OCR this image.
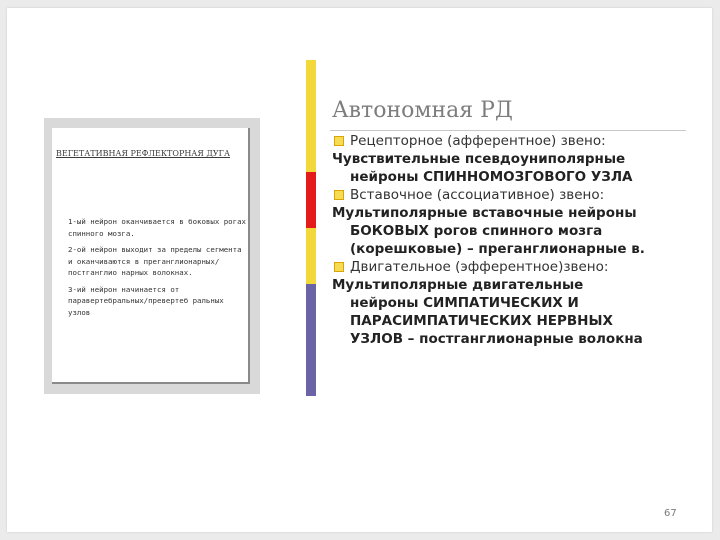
ВЕГЕТАТИВНАЯ РЕФЛЕКТОРНАЯ ДУГА
1-ый нейрон оканчивается в боковых рогах спинного мозга.
2-ой нейрон выходит за пределы сегмента и оканчиваются в преганглионарных/постганглио нарных волокнах.
3-ий нейрон начинается от паравертебральных/превертеб ральных узлов
Автономная РД
Рецепторное (афферентное) звено:
Чувствительные псевдоуниполярные
нейроны СПИННОМОЗГОВОГО УЗЛА
Вставочное (ассоциативное) звено:
Мультиполярные вставочные нейроны
БОКОВЫХ рогов спинного мозга
(корешковые) – преганглионарные в.
Двигательное (эфферентное)звено:
Мультиполярные двигательные
нейроны СИМПАТИЧЕСКИХ И
ПАРАСИМПАТИЧЕСКИХ НЕРВНЫХ
УЗЛОВ – постганглионарные волокна
67
